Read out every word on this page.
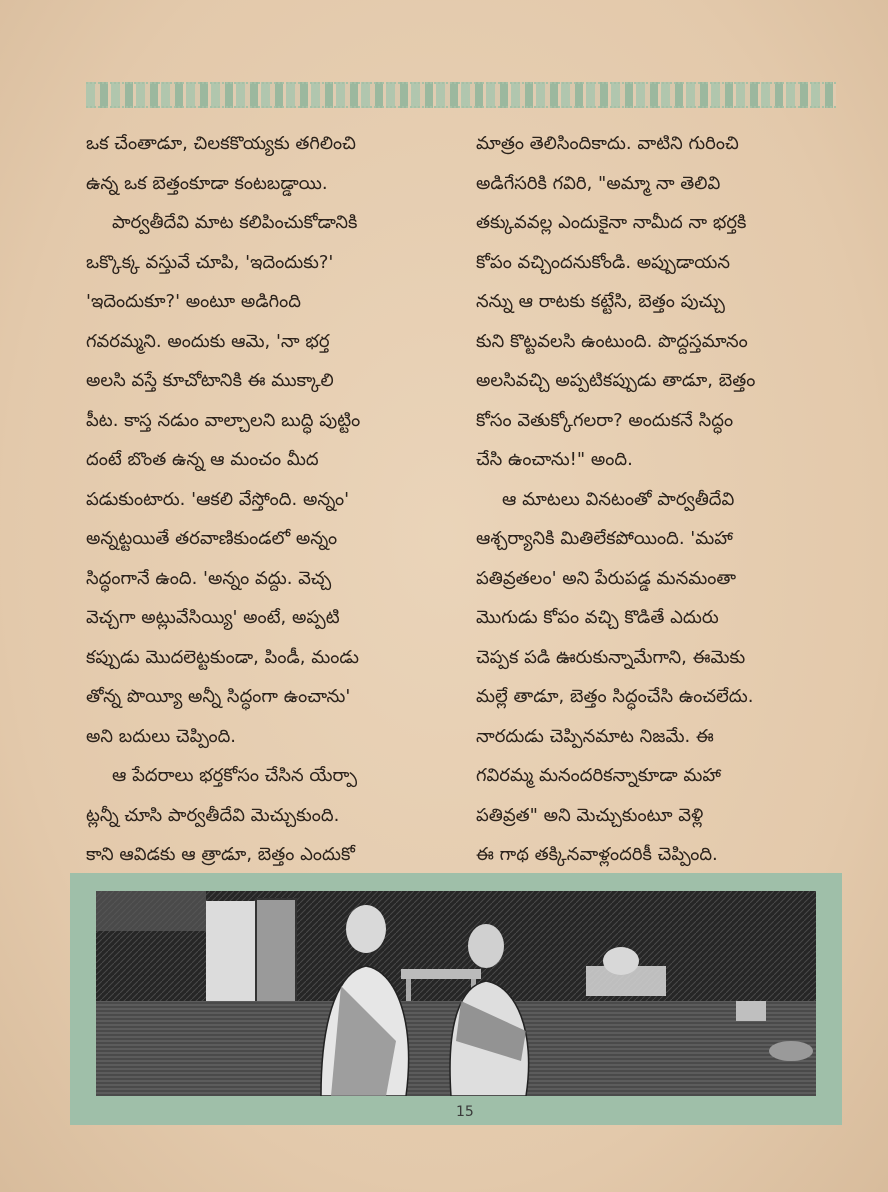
ఒక చేంతాడూ, చిలకకొయ్యకు తగిలించి

ఉన్న ఒక బెత్తంకూడా కంటబడ్డాయి.

పార్వతీదేవి మాట కలిపించుకోడానికి

ఒక్కొక్క వస్తువే చూపి, 'ఇదెందుకు?'

'ఇదెందుకూ?' అంటూ అడిగింది

గవరమ్మని. అందుకు ఆమె, 'నా భర్త

అలసి వస్తే కూచోటానికి ఈ ముక్కాలి

పీట. కాస్త నడుం వాల్చాలని బుద్ధి పుట్టిం

దంటే బొంత ఉన్న ఆ మంచం మీద

పడుకుంటారు. 'ఆకలి వేస్తోంది. అన్నం'

అన్నట్టయితే తరవాణికుండలో అన్నం

సిద్ధంగానే ఉంది. 'అన్నం వద్దు. వెచ్చ

వెచ్చగా అట్లువేసియ్యి' అంటే, అప్పటి

కప్పుడు మొదలెట్టకుండా, పిండీ, మండు

తోన్న పొయ్యీ అన్నీ సిద్ధంగా ఉంచాను'

అని బదులు చెప్పింది.

ఆ పేదరాలు భర్తకోసం చేసిన యేర్పా

ట్లన్నీ చూసి పార్వతీదేవి మెచ్చుకుంది.

కాని ఆవిడకు ఆ త్రాడూ, బెత్తం ఎందుకో

మాత్రం తెలిసిందికాదు. వాటిని గురించి

అడిగేసరికి గవిరి, "అమ్మా నా తెలివి

తక్కువవల్ల ఎందుకైనా నామీద నా భర్తకి

కోపం వచ్చిందనుకోండి. అప్పుడాయన

నన్ను ఆ రాటకు కట్టేసి, బెత్తం పుచ్చు

కుని కొట్టవలసి ఉంటుంది. పొద్దస్తమానం

అలసివచ్చి అప్పటికప్పుడు తాడూ, బెత్తం

కోసం వెతుక్కోగలరా? అందుకనే సిద్ధం

చేసి ఉంచాను!" అంది.

ఆ మాటలు వినటంతో పార్వతీదేవి

ఆశ్చర్యానికి మితిలేకపోయింది. 'మహా

పతివ్రతలం' అని పేరుపడ్డ మనమంతా

మొగుడు కోపం వచ్చి కొడితే ఎదురు

చెప్పక పడి ఊరుకున్నామేగాని, ఈమెకు

మల్లే తాడూ, బెత్తం సిద్ధంచేసి ఉంచలేదు.

నారదుడు చెప్పినమాట నిజమే. ఈ

గవిరమ్మ మనందరికన్నాకూడా మహా

పతివ్రత" అని మెచ్చుకుంటూ వెళ్లి

ఈ గాథ తక్కినవాళ్లందరికీ చెప్పింది.

15
